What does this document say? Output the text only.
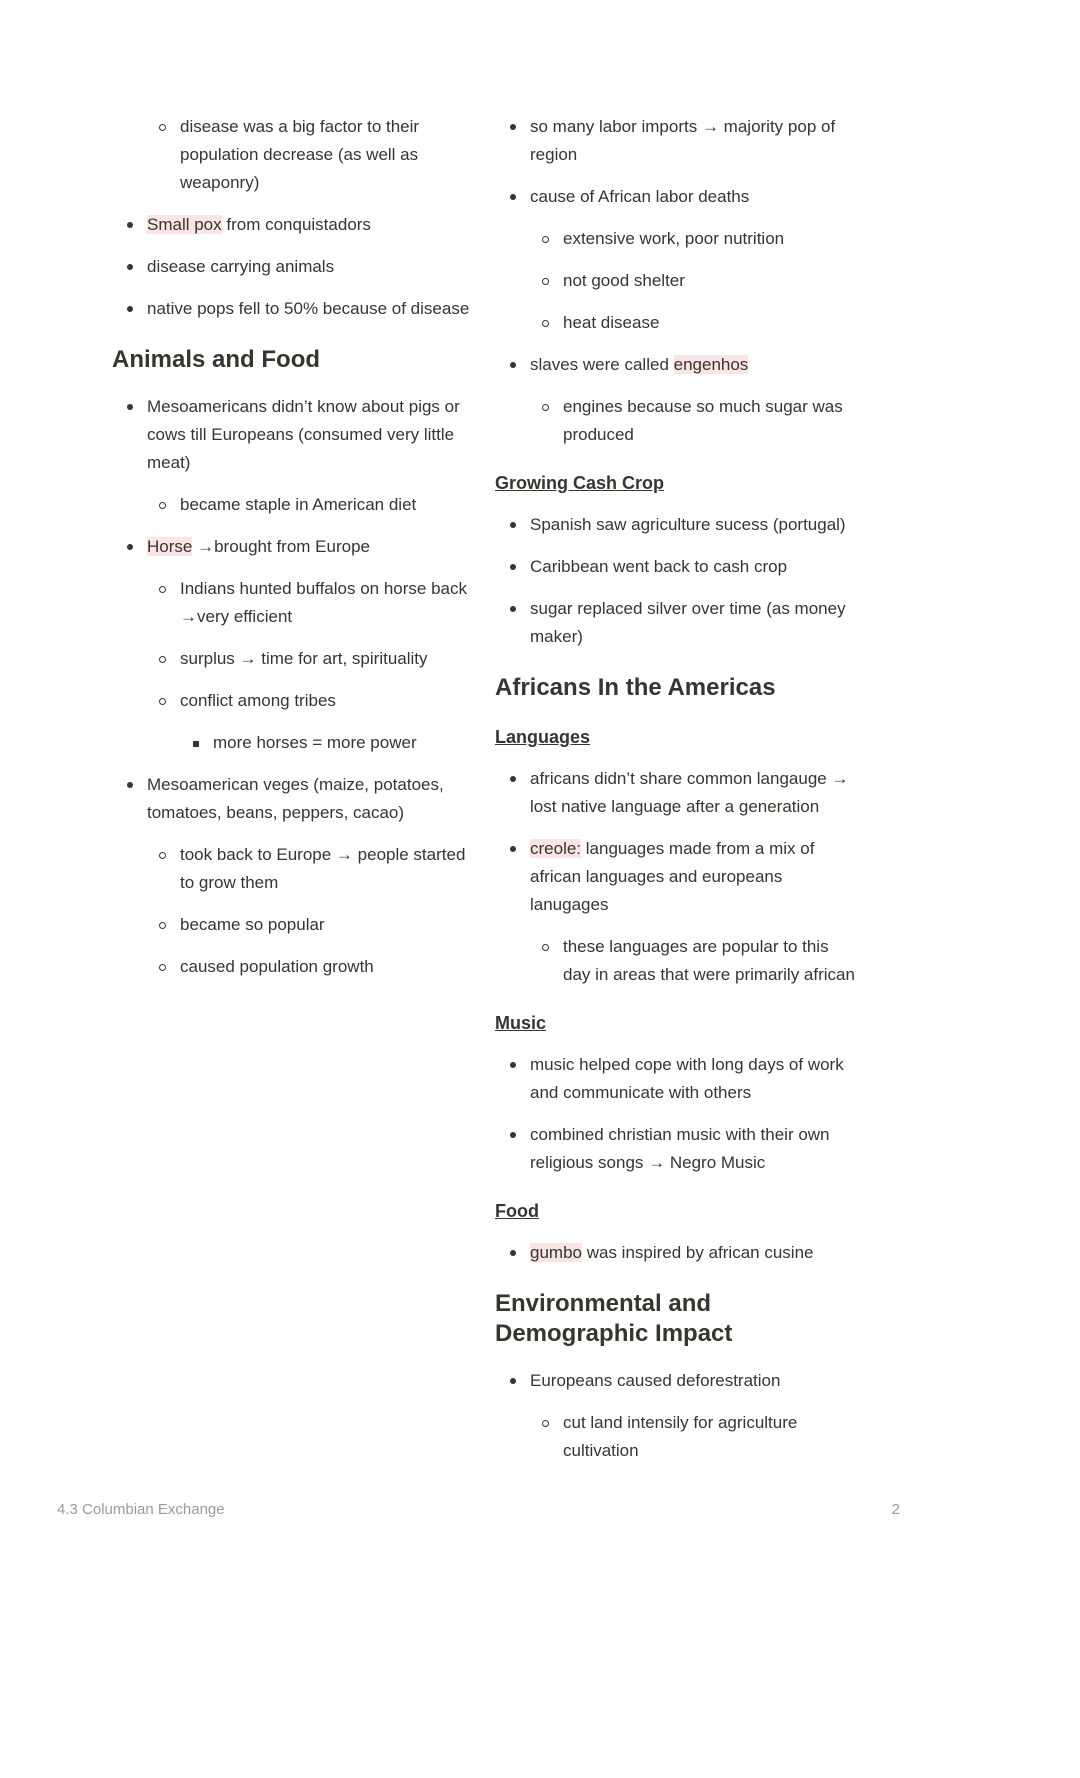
disease was a big factor to their population decrease (as well as weaponry)
Small pox from conquistadors
disease carrying animals
native pops fell to 50% because of disease
Animals and Food
Mesoamericans didn’t know about pigs or cows till Europeans (consumed very little meat)
became staple in American diet
Horse →brought from Europe
Indians hunted buffalos on horse back →very efficient
surplus → time for art, spirituality
conflict among tribes
more horses = more power
Mesoamerican veges (maize, potatoes, tomatoes, beans, peppers, cacao)
took back to Europe → people started to grow them
became so popular
caused population growth
so many labor imports → majority pop of region
cause of African labor deaths
extensive work, poor nutrition
not good shelter
heat disease
slaves were called engenhos
engines because so much sugar was produced
Growing Cash Crop
Spanish saw agriculture sucess (portugal)
Caribbean went back to cash crop
sugar replaced silver over time (as money maker)
Africans In the Americas
Languages
africans didn’t share common langauge → lost native language after a generation
creole: languages made from a mix of african languages and europeans lanugages
these languages are popular to this day in areas that were primarily african
Music
music helped cope with long days of work and communicate with others
combined christian music with their own religious songs → Negro Music
Food
gumbo was inspired by african cusine
Environmental and Demographic Impact
Europeans caused deforestration
cut land intensily for agriculture cultivation
4.3 Columbian Exchange	2
